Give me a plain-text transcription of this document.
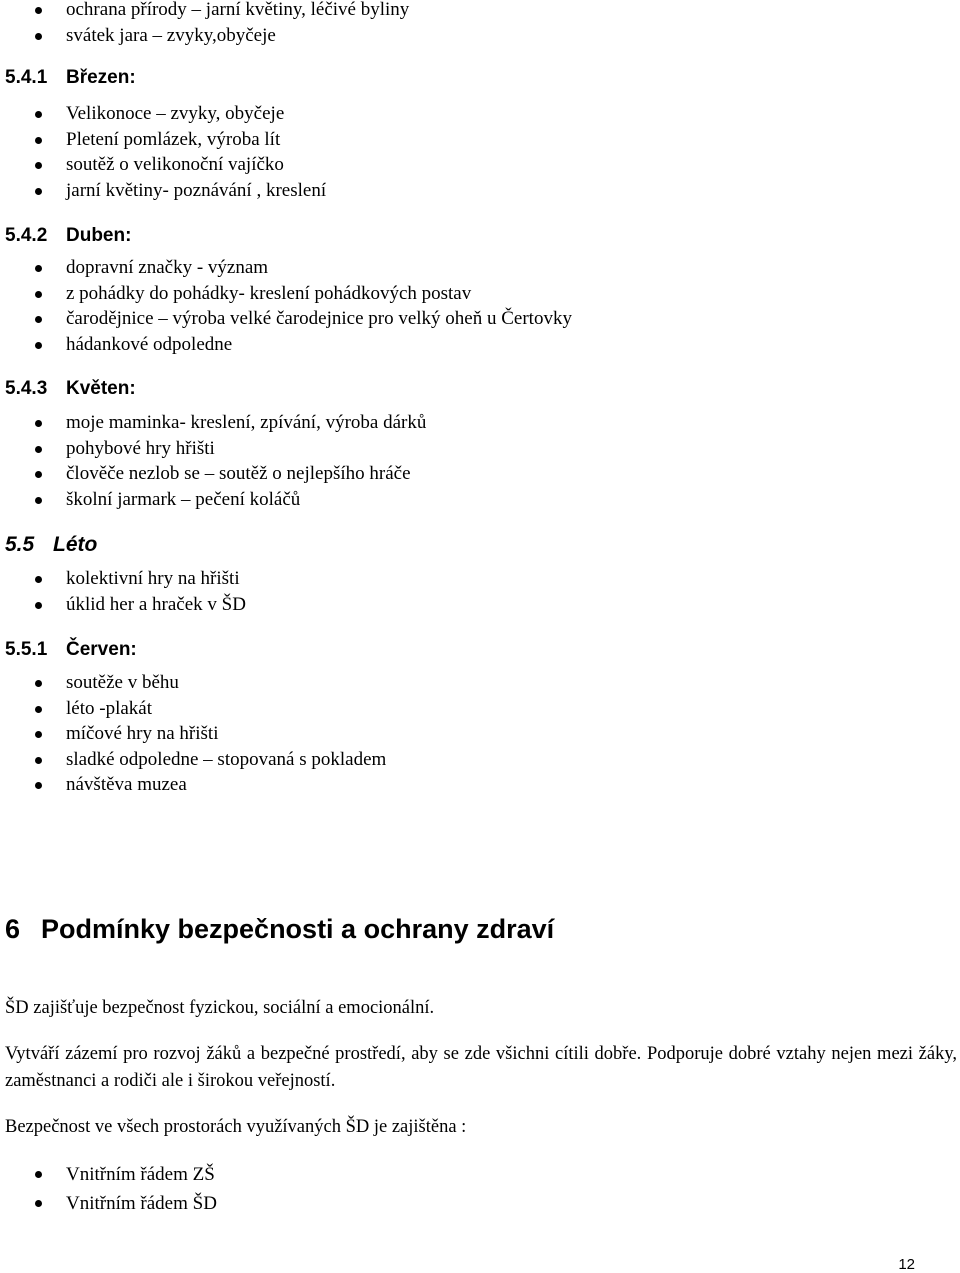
ochrana přírody – jarní květiny, léčivé byliny
svátek jara – zvyky,obyčeje
5.4.1 Březen:
Velikonoce – zvyky, obyčeje
Pletení pomlázek, výroba lít
soutěž o velikonoční vajíčko
jarní květiny- poznávání , kreslení
5.4.2 Duben:
dopravní značky - význam
z pohádky do pohádky- kreslení pohádkových postav
čarodějnice – výroba velké čarodejnice pro velký oheň u Čertovky
hádankové odpoledne
5.4.3 Květen:
moje maminka- kreslení, zpívání, výroba dárků
pohybové hry hřišti
člověče nezlob se – soutěž o nejlepšího hráče
školní jarmark – pečení koláčů
5.5 Léto
kolektivní hry na hřišti
úklid her a hraček v ŠD
5.5.1 Červen:
soutěže v běhu
léto -plakát
míčové hry na hřišti
sladké odpoledne – stopovaná s pokladem
návštěva muzea
6 Podmínky bezpečnosti a ochrany zdraví
ŠD zajišťuje bezpečnost fyzickou, sociální a emocionální.
Vytváří zázemí pro rozvoj žáků a bezpečné prostředí, aby se zde všichni cítili dobře. Podporuje dobré vztahy nejen mezi žáky, zaměstnanci a rodiči ale i širokou veřejností.
Bezpečnost ve všech prostorách využívaných ŠD je zajištěna :
Vnitřním řádem ZŠ
Vnitřním řádem ŠD
12
